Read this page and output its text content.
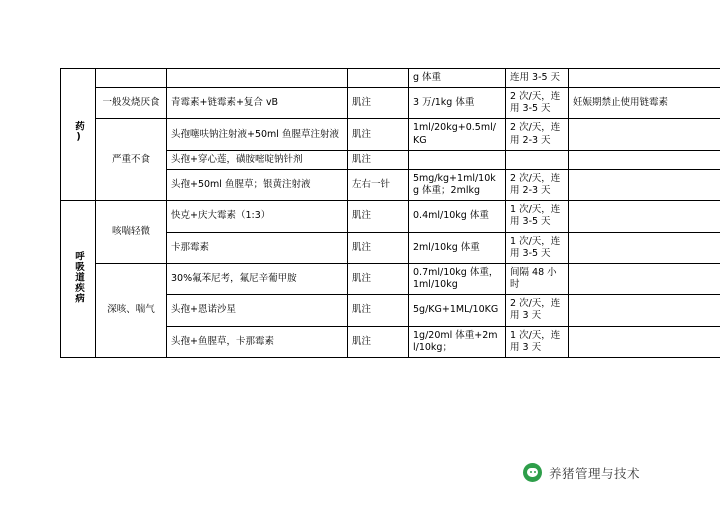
药)				g 体重	连用 3-5 天	
	一般发烧厌食	青霉素+链霉素+复合 vB	肌注	3 万/1kg 体重	2 次/天，连用 3-5 天	妊娠期禁止使用链霉素
	严重不食	头孢噻呋钠注射液+50ml 鱼腥草注射液	肌注	1ml/20kg+0.5ml/KG	2 次/天，连用 2-3 天	
		头孢+穿心莲，磺胺嘧啶钠针剂	肌注			
		头孢+50ml 鱼腥草；银黄注射液	左右一针	5mg/kg+1ml/10kg 体重；2mlkg	2 次/天，连用 2-3 天	
呼吸道疾病	咳喘轻微	快克+庆大霉素（1:3）	肌注	0.4ml/10kg 体重	1 次/天，连用 3-5 天	
		卡那霉素	肌注	2ml/10kg 体重	1 次/天，连用 3-5 天	
	深咳、喘气	30%氟苯尼考，氟尼辛葡甲胺	肌注	0.7ml/10kg 体重，1ml/10kg	间隔 48 小时	
		头孢+恩诺沙星	肌注	5g/KG+1ML/10KG	2 次/天，连用 3 天	
		头孢+鱼腥草，卡那霉素	肌注	1g/20ml 体重+2ml/10kg；	1 次/天，连用 3 天	
养猪管理与技术
